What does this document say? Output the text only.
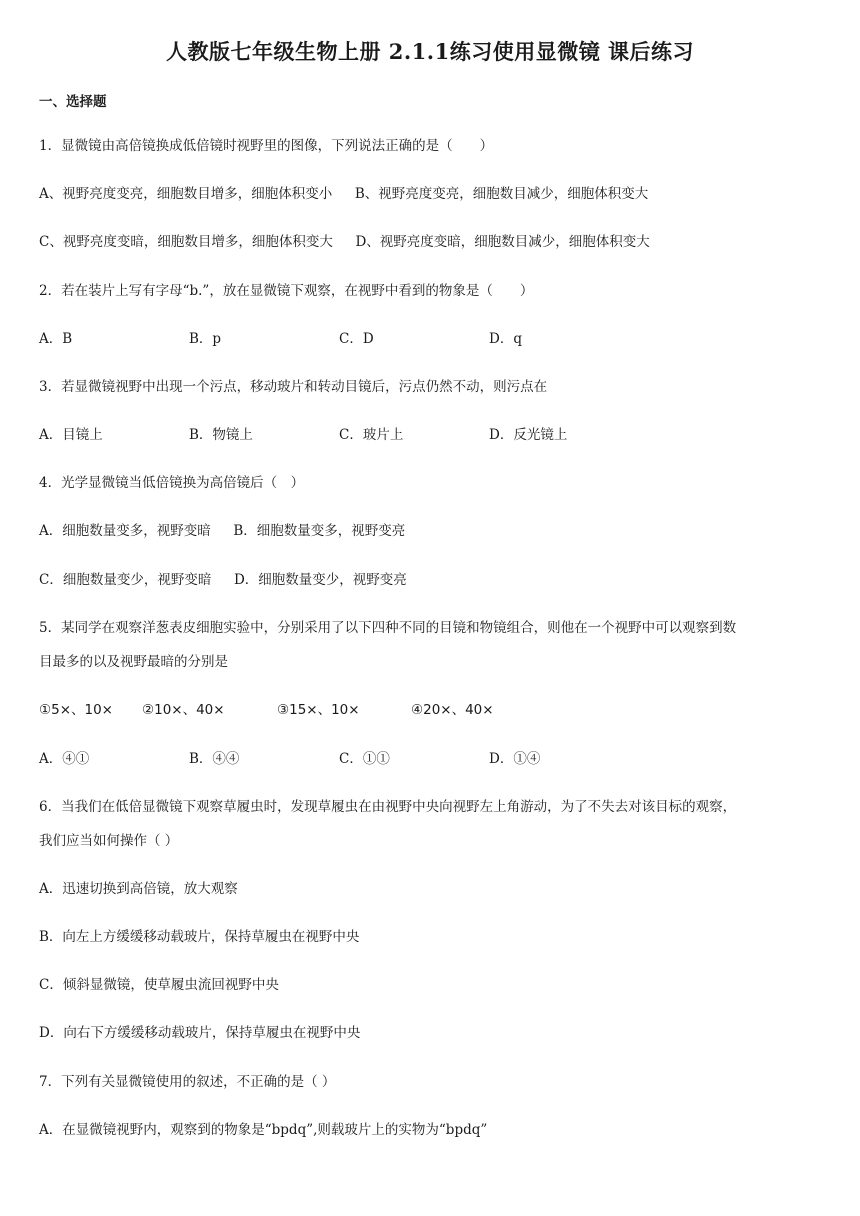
人教版七年级生物上册 2.1.1练习使用显微镜 课后练习
一、选择题
1．显微镜由高倍镜换成低倍镜时视野里的图像，下列说法正确的是（　　）
A、视野亮度变亮，细胞数目增多，细胞体积变小 B、视野亮度变亮，细胞数目减少，细胞体积变大
C、视野亮度变暗，细胞数目增多，细胞体积变大 D、视野亮度变暗，细胞数目减少，细胞体积变大
2．若在装片上写有字母“b.”，放在显微镜下观察，在视野中看到的物象是（　　）
A．B	B．p	C．D	D．q
3．若显微镜视野中出现一个污点，移动玻片和转动目镜后，污点仍然不动，则污点在
A．目镜上	B．物镜上	C．玻片上	D．反光镜上
4．光学显微镜当低倍镜换为高倍镜后（　）
A．细胞数量变多，视野变暗 B．细胞数量变多，视野变亮
C．细胞数量变少，视野变暗 D．细胞数量变少，视野变亮
5．某同学在观察洋葱表皮细胞实验中，分别采用了以下四种不同的目镜和物镜组合，则他在一个视野中可以观察到数
目最多的以及视野最暗的分别是
①5×、10× ②10×、40×	③15×、10×	④20×、40×
A．④①	B．④④	C．①①	D．①④
6．当我们在低倍显微镜下观察草履虫时，发现草履虫在由视野中央向视野左上角游动，为了不失去对该目标的观察，
我们应当如何操作（ ）
A．迅速切换到高倍镜，放大观察
B．向左上方缓缓移动载玻片，保持草履虫在视野中央
C．倾斜显微镜，使草履虫流回视野中央
D．向右下方缓缓移动载玻片，保持草履虫在视野中央
7．下列有关显微镜使用的叙述，不正确的是（ ）
A．在显微镜视野内，观察到的物象是“bpdq”,则载玻片上的实物为“bpdq”
